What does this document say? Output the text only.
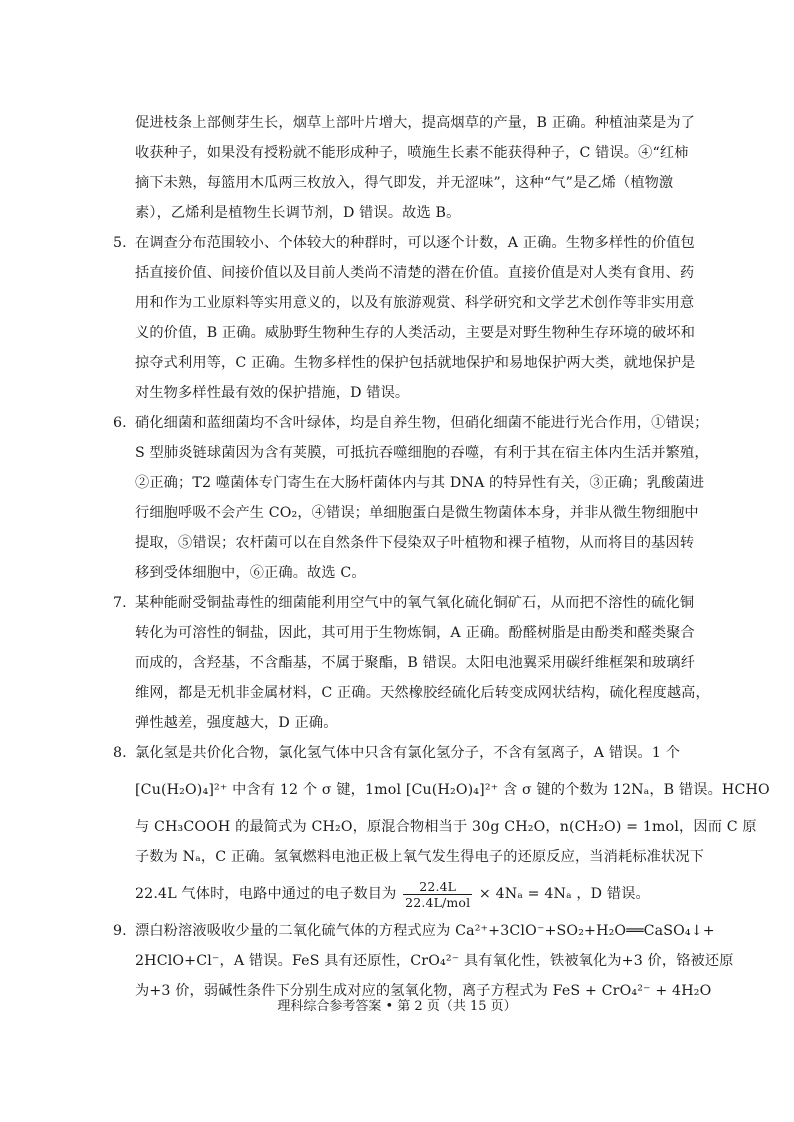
促进枝条上部侧芽生长，烟草上部叶片增大，提高烟草的产量，B 正确。种植油菜是为了
收获种子，如果没有授粉就不能形成种子，喷施生长素不能获得种子，C 错误。④“红柿
摘下未熟，每篮用木瓜两三枚放入，得气即发，并无涩味”，这种“气”是乙烯（植物激
素），乙烯利是植物生长调节剂，D 错误。故选 B。
5. 在调查分布范围较小、个体较大的种群时，可以逐个计数，A 正确。生物多样性的价值包
括直接价值、间接价值以及目前人类尚不清楚的潜在价值。直接价值是对人类有食用、药
用和作为工业原料等实用意义的，以及有旅游观赏、科学研究和文学艺术创作等非实用意
义的价值，B 正确。威胁野生物种生存的人类活动，主要是对野生物种生存环境的破坏和
掠夺式利用等，C 正确。生物多样性的保护包括就地保护和易地保护两大类，就地保护是
对生物多样性最有效的保护措施，D 错误。
6. 硝化细菌和蓝细菌均不含叶绿体，均是自养生物，但硝化细菌不能进行光合作用，①错误；
S 型肺炎链球菌因为含有荚膜，可抵抗吞噬细胞的吞噬，有利于其在宿主体内生活并繁殖，
②正确；T2 噬菌体专门寄生在大肠杆菌体内与其 DNA 的特异性有关，③正确；乳酸菌进
行细胞呼吸不会产生 CO₂，④错误；单细胞蛋白是微生物菌体本身，并非从微生物细胞中
提取，⑤错误；农杆菌可以在自然条件下侵染双子叶植物和裸子植物，从而将目的基因转
移到受体细胞中，⑥正确。故选 C。
7. 某种能耐受铜盐毒性的细菌能利用空气中的氧气氧化硫化铜矿石，从而把不溶性的硫化铜
转化为可溶性的铜盐，因此，其可用于生物炼铜，A 正确。酚醛树脂是由酚类和醛类聚合
而成的，含羟基，不含酯基，不属于聚酯，B 错误。太阳电池翼采用碳纤维框架和玻璃纤
维网，都是无机非金属材料，C 正确。天然橡胶经硫化后转变成网状结构，硫化程度越高，
弹性越差，强度越大，D 正确。
8. 氯化氢是共价化合物，氯化氢气体中只含有氯化氢分子，不含有氢离子，A 错误。1 个
[Cu(H₂O)₄]²⁺ 中含有 12 个 σ 键，1mol [Cu(H₂O)₄]²⁺ 含 σ 键的个数为 12Nₐ，B 错误。HCHO
与 CH₃COOH 的最简式为 CH₂O，原混合物相当于 30g CH₂O，n(CH₂O) = 1mol，因而 C 原
子数为 Nₐ，C 正确。氢氧燃料电池正极上氧气发生得电子的还原反应，当消耗标准状况下
22.4L 气体时，电路中通过的电子数目为 $\frac{22.4L}{\text{22.4L/mol}} \times 4N_a = 4N_a$ ，D 错误。
9. 漂白粉溶液吸收少量的二氧化硫气体的方程式应为 Ca²⁺+3ClO⁻+SO₂+H₂O══CaSO₄↓+
2HClO+Cl⁻，A 错误。FeS 具有还原性，CrO₄²⁻ 具有氧化性，铁被氧化为+3 价，铬被还原
为+3 价，弱碱性条件下分别生成对应的氢氧化物，离子方程式为 FeS + CrO₄²⁻ + 4H₂O
理科综合参考答案 • 第 2 页（共 15 页）
